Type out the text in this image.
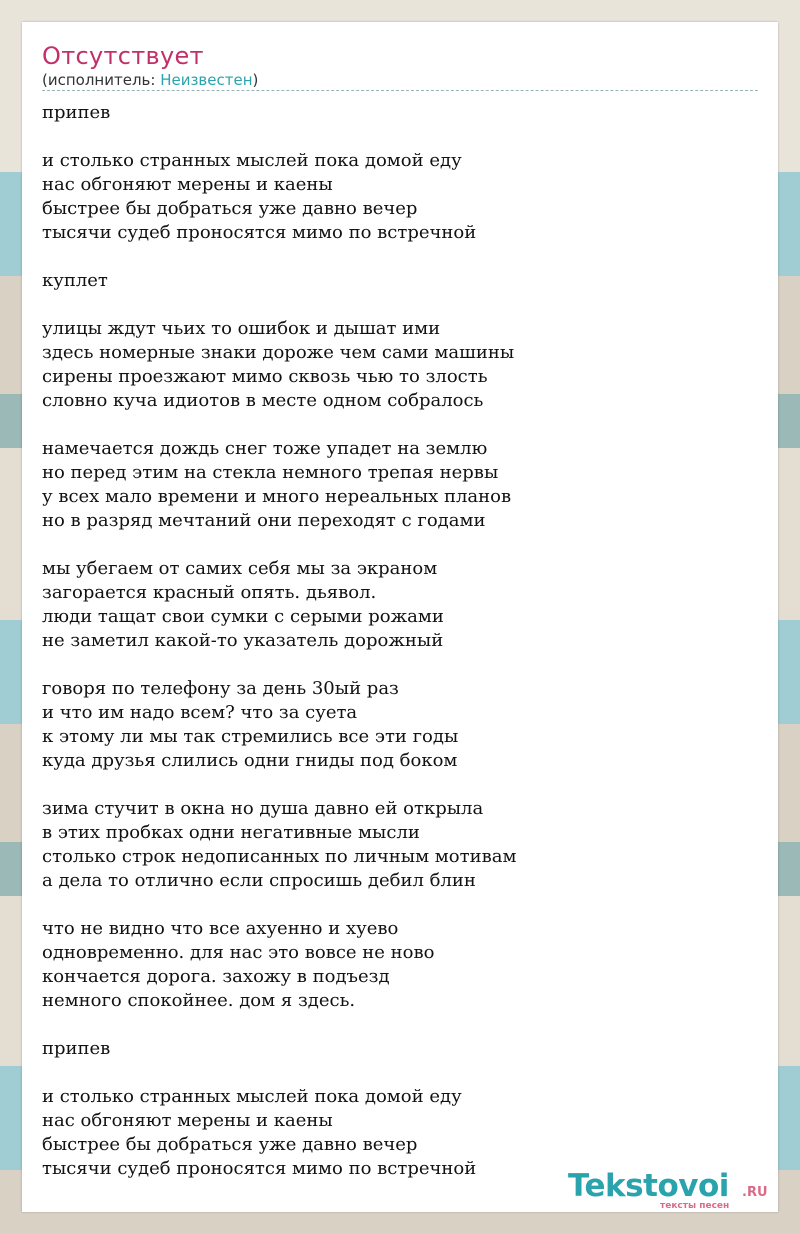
Отсутствует
(исполнитель: Неизвестен)
припев

и столько странных мыслей пока домой еду
нас обгоняют мерены и каены
быстрее бы добраться уже давно вечер
тысячи судеб проносятся мимо по встречной

куплет

улицы ждут чьих то ошибок и дышат ими
здесь номерные знаки дороже чем сами машины
сирены проезжают мимо сквозь чью то злость
словно куча идиотов в месте одном собралось

намечается дождь снег тоже упадет на землю
но перед этим на стекла немного трепая нервы
у всех мало времени и много нереальных планов
но в разряд мечтаний они переходят с годами

мы убегаем от самих себя мы за экраном
загорается красный опять. дьявол.
люди тащат свои сумки с серыми рожами
не заметил какой-то указатель дорожный

говоря по телефону за день 30ый раз
и что им надо всем? что за суета
к этому ли мы так стремились все эти годы
куда друзья слились одни гниды под боком

зима стучит в окна но душа давно ей открыла
в этих пробках одни негативные мысли
столько строк недописанных по личным мотивам
а дела то отлично если спросишь дебил блин

что не видно что все ахуенно и хуево
одновременно. для нас это вовсе не ново
кончается дорога. захожу в подъезд
немного спокойнее. дом я здесь.

припев

и столько странных мыслей пока домой еду
нас обгоняют мерены и каены
быстрее бы добраться уже давно вечер
тысячи судеб проносятся мимо по встречной	Tekstovoi .RU
тексты песен
